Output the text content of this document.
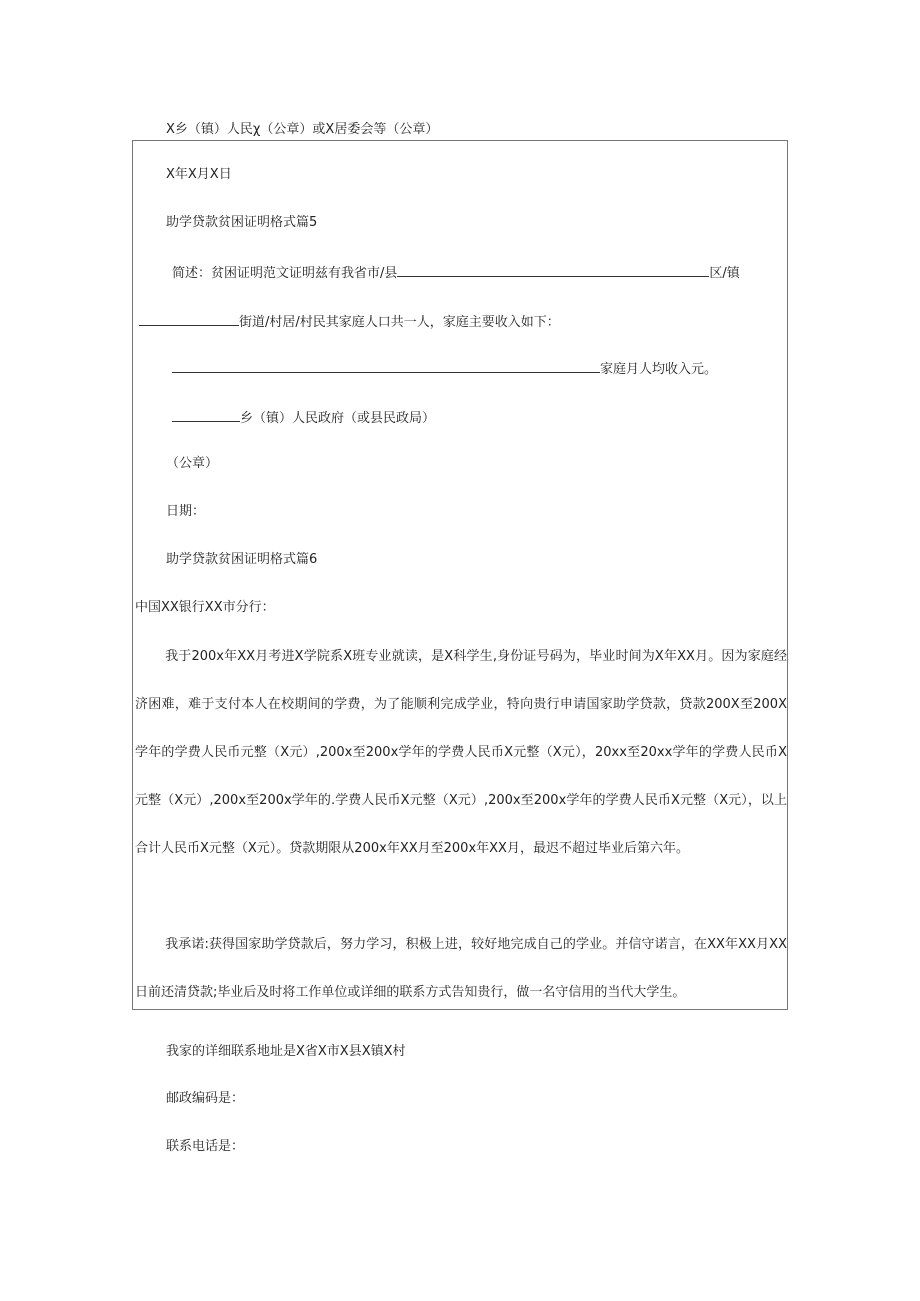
X乡（镇）人民χ（公章）或X居委会等（公章）
X年X月X日
助学贷款贫困证明格式篇5
简述：贫困证明范文证明兹有我省市/县	区/镇
街道/村居/村民其家庭人口共一人，家庭主要收入如下：
家庭月人均收入元。
乡（镇）人民政府（或县民政局）
（公章）
日期：
助学贷款贫困证明格式篇6
中国XX银行XX市分行：
我于200x年XX月考进X学院系X班专业就读，是X科学生,身份证号码为，毕业时间为X年XX月。因为家庭经济困难，难于支付本人在校期间的学费，为了能顺利完成学业，特向贵行申请国家助学贷款，贷款200X至200X学年的学费人民币元整（X元）,200x至200x学年的学费人民币X元整（X元），20xx至20xx学年的学费人民币X元整（X元）,200x至200x学年的.学费人民币X元整（X元）,200x至200x学年的学费人民币X元整（X元），以上合计人民币X元整（X元）。贷款期限从200x年XX月至200x年XX月，最迟不超过毕业后第六年。
我承诺:获得国家助学贷款后，努力学习，积极上进，较好地完成自己的学业。并信守诺言，在XX年XX月XX日前还清贷款;毕业后及时将工作单位或详细的联系方式告知贵行，做一名守信用的当代大学生。
我家的详细联系地址是X省X市X县X镇X村
邮政编码是：
联系电话是：
